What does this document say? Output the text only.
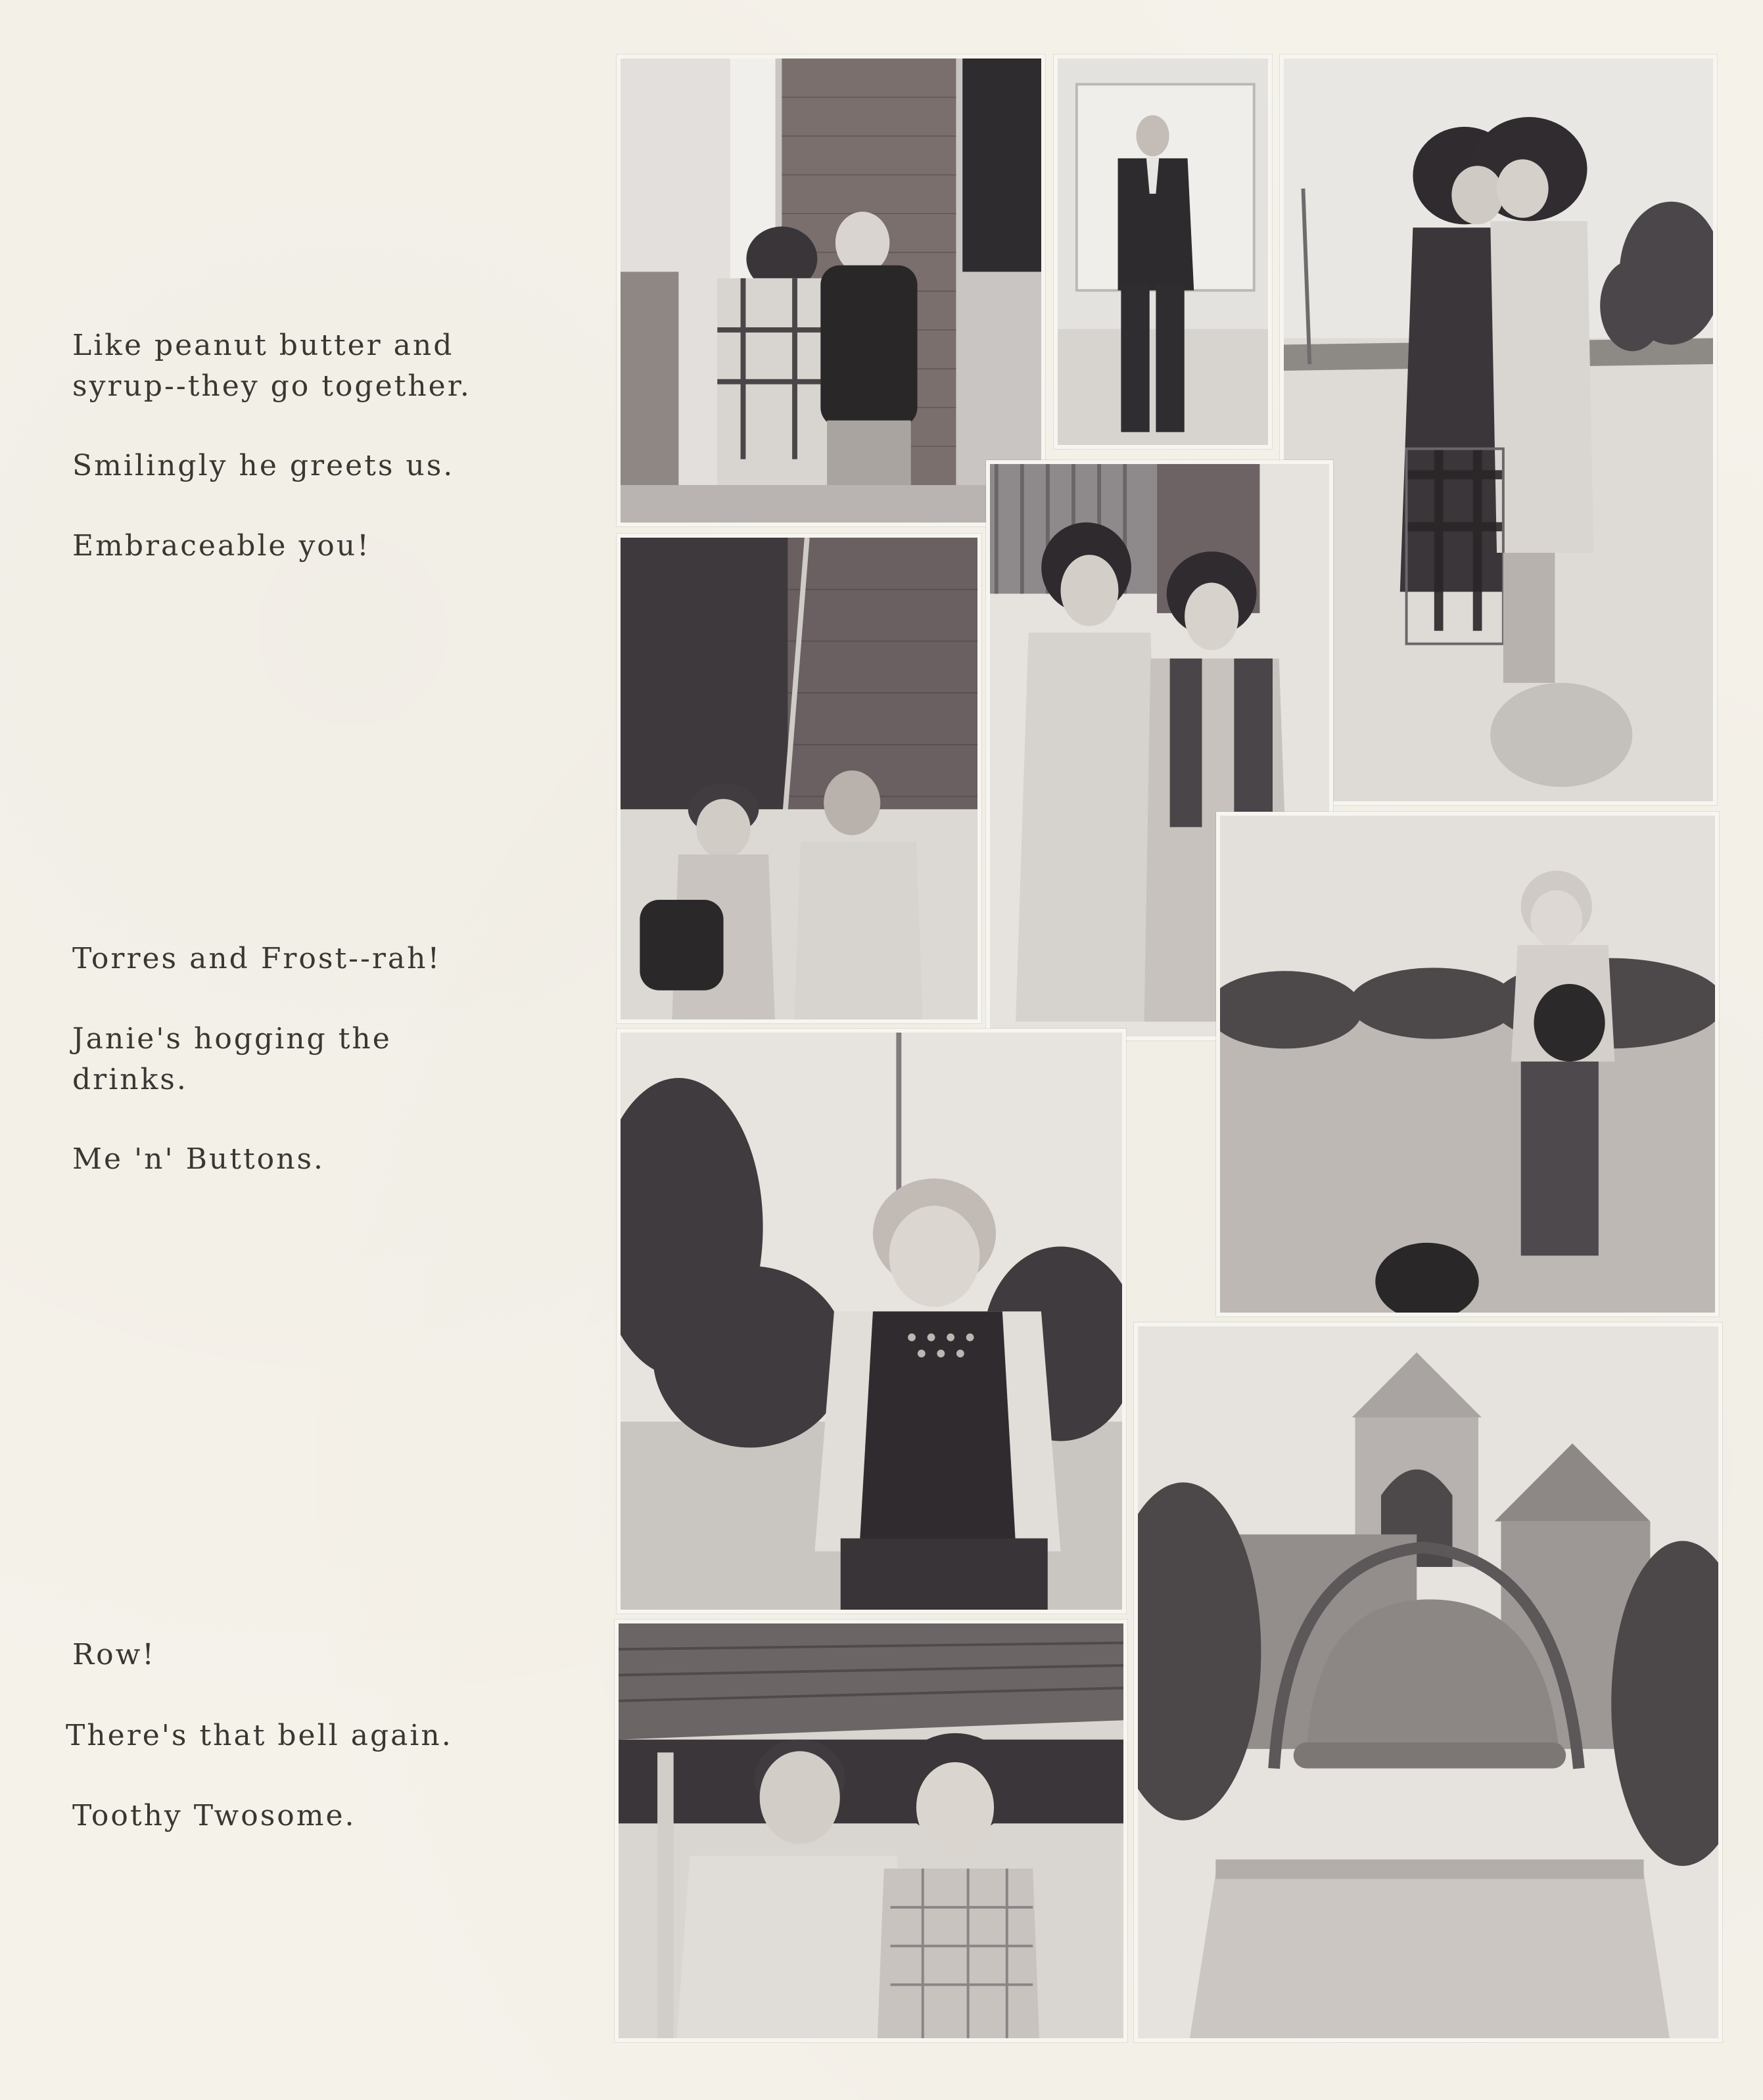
Like peanut butter and
syrup--they go together.

Smilingly he greets us.

Embraceable you!

Torres and Frost--rah!

Janie's hogging the
drinks.

Me 'n' Buttons.

Row!

There's that bell again.

Toothy Twosome.
